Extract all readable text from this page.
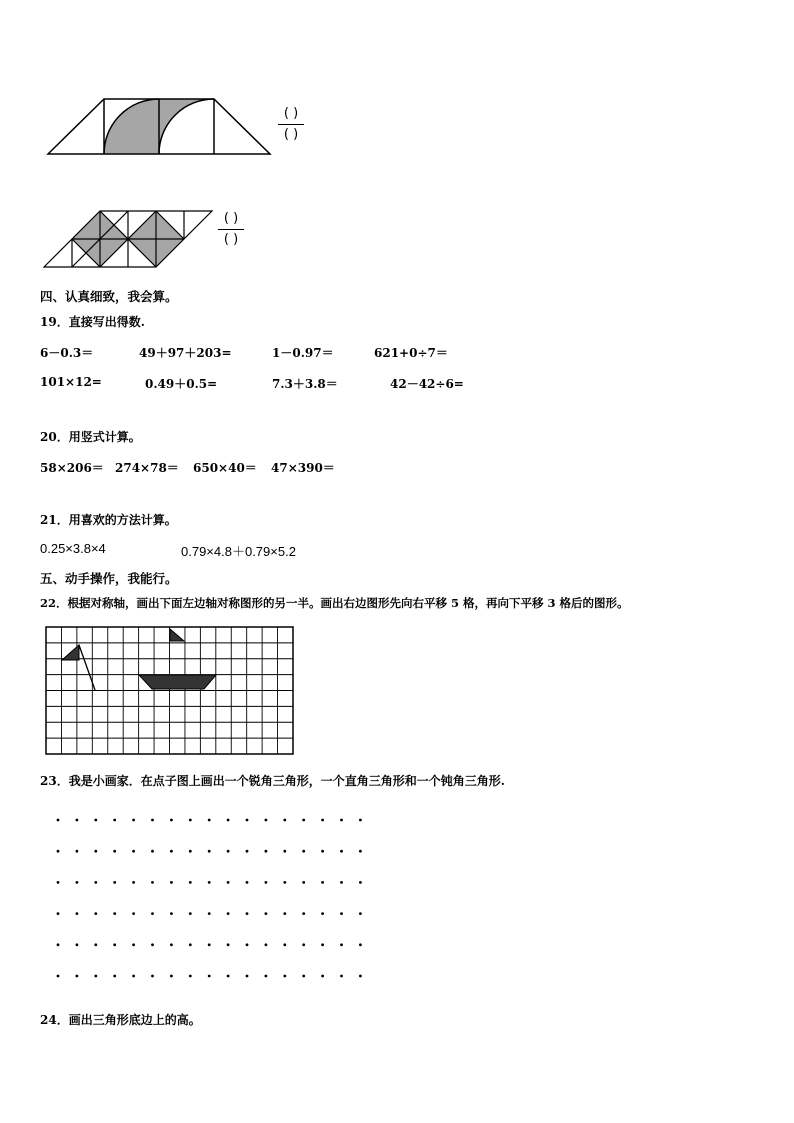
( )
( )
( )
( )
四、认真细致，我会算。
19．直接写出得数.
6－0.3＝	49＋97＋203=	1－0.97＝	621+0÷7＝
101×12=	0.49＋0.5=	7.3＋3.8＝	42－42÷6=
20．用竖式计算。
58×206＝ 274×78＝ 650×40＝ 47×390＝
21．用喜欢的方法计算。
0.25×3.8×4	0.79×4.8＋0.79×5.2
五、动手操作，我能行。
22．根据对称轴，画出下面左边轴对称图形的另一半。画出右边图形先向右平移 5 格，再向下平移 3 格后的图形。
23．我是小画家．在点子图上画出一个锐角三角形，一个直角三角形和一个钝角三角形.
24．画出三角形底边上的高。
